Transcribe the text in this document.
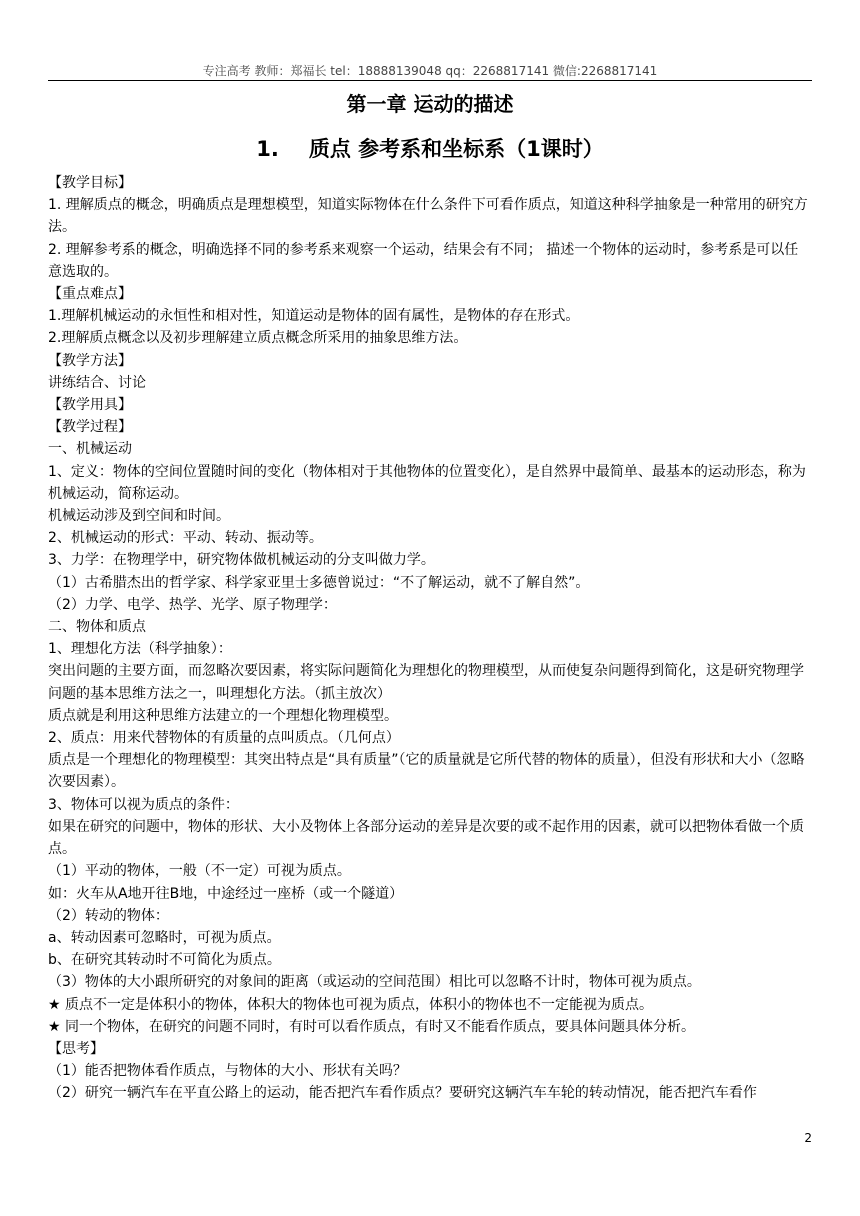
专注高考 教师：郑福长 tel：18888139048 qq：2268817141 微信:2268817141
第一章 运动的描述
1. 质点 参考系和坐标系（1课时）

【教学目标】

1. 理解质点的概念，明确质点是理想模型，知道实际物体在什么条件下可看作质点，知道这种科学抽象是一种常用的研究方法。

2. 理解参考系的概念，明确选择不同的参考系来观察一个运动，结果会有不同； 描述一个物体的运动时，参考系是可以任意选取的。

【重点难点】

1.理解机械运动的永恒性和相对性，知道运动是物体的固有属性，是物体的存在形式。

2.理解质点概念以及初步理解建立质点概念所采用的抽象思维方法。

【教学方法】

讲练结合、讨论

【教学用具】

【教学过程】

一、机械运动

1、定义：物体的空间位置随时间的变化（物体相对于其他物体的位置变化），是自然界中最简单、最基本的运动形态，称为机械运动，简称运动。

机械运动涉及到空间和时间。

2、机械运动的形式：平动、转动、振动等。

3、力学：在物理学中，研究物体做机械运动的分支叫做力学。

（1）古希腊杰出的哲学家、科学家亚里士多德曾说过：“不了解运动，就不了解自然”。

（2）力学、电学、热学、光学、原子物理学：

二、物体和质点

1、理想化方法（科学抽象）：

突出问题的主要方面，而忽略次要因素，将实际问题简化为理想化的物理模型，从而使复杂问题得到简化，这是研究物理学问题的基本思维方法之一，叫理想化方法。（抓主放次）

质点就是利用这种思维方法建立的一个理想化物理模型。

2、质点：用来代替物体的有质量的点叫质点。（几何点）

质点是一个理想化的物理模型：其突出特点是“具有质量”（它的质量就是它所代替的物体的质量），但没有形状和大小（忽略次要因素）。

3、物体可以视为质点的条件：

如果在研究的问题中，物体的形状、大小及物体上各部分运动的差异是次要的或不起作用的因素，就可以把物体看做一个质点。

（1）平动的物体，一般（不一定）可视为质点。

如：火车从A地开往B地，中途经过一座桥（或一个隧道）

（2）转动的物体：

a、转动因素可忽略时，可视为质点。

b、在研究其转动时不可简化为质点。

（3）物体的大小跟所研究的对象间的距离（或运动的空间范围）相比可以忽略不计时，物体可视为质点。

★ 质点不一定是体积小的物体，体积大的物体也可视为质点，体积小的物体也不一定能视为质点。

★ 同一个物体，在研究的问题不同时，有时可以看作质点，有时又不能看作质点，要具体问题具体分析。

【思考】

（1）能否把物体看作质点，与物体的大小、形状有关吗？

（2）研究一辆汽车在平直公路上的运动，能否把汽车看作质点？要研究这辆汽车车轮的转动情况，能否把汽车看作

2
